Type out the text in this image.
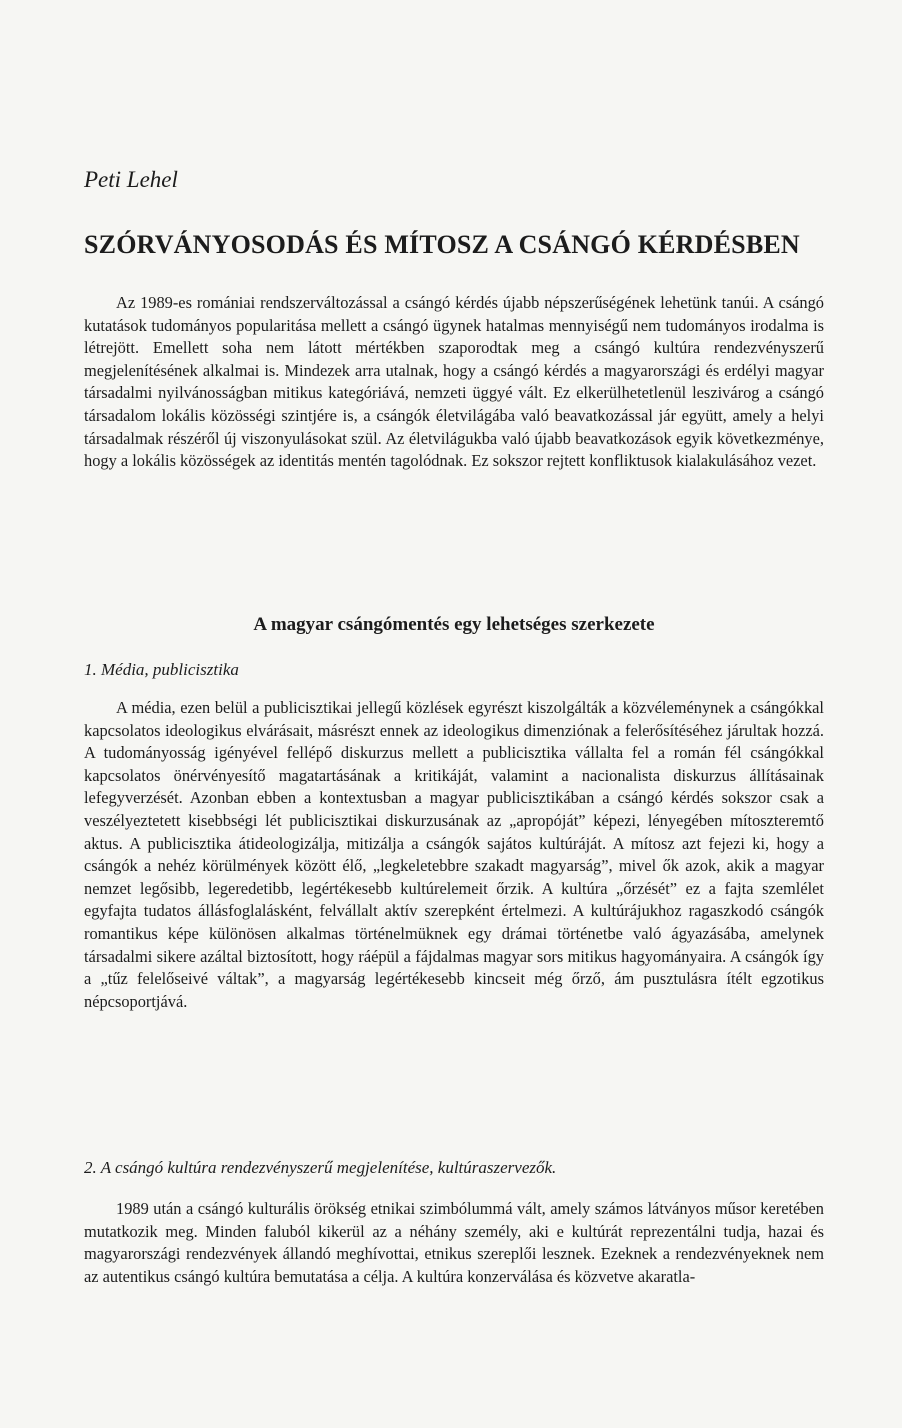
Peti Lehel
SZÓRVÁNYOSODÁS ÉS MÍTOSZ A CSÁNGÓ KÉRDÉSBEN

Az 1989-es romániai rendszerváltozással a csángó kérdés újabb népszerűségének lehetünk tanúi. A csángó kutatások tudományos popularitása mellett a csángó ügynek hatalmas mennyiségű nem tudományos irodalma is létrejött. Emellett soha nem látott mértékben szaporodtak meg a csángó kultúra rendezvényszerű megjelenítésének alkalmai is. Mindezek arra utalnak, hogy a csángó kérdés a magyarországi és erdélyi magyar társadalmi nyilvánosságban mitikus kategóriává, nemzeti üggyé vált. Ez elkerülhetetlenül leszivárog a csángó társadalom lokális közösségi szintjére is, a csángók életvilágába való beavatkozással jár együtt, amely a helyi társadalmak részéről új viszonyulásokat szül. Az életvilágukba való újabb beavatkozások egyik következménye, hogy a lokális közösségek az identitás mentén tagolódnak. Ez sokszor rejtett konfliktusok kialakulásához vezet.

A magyar csángómentés egy lehetséges szerkezete
1. Média, publicisztika

A média, ezen belül a publicisztikai jellegű közlések egyrészt kiszolgálták a közvéleménynek a csángókkal kapcsolatos ideologikus elvárásait, másrészt ennek az ideologikus dimenziónak a felerősítéséhez járultak hozzá. A tudományosság igényével fellépő diskurzus mellett a publicisztika vállalta fel a román fél csángókkal kapcsolatos önérvényesítő magatartásának a kritikáját, valamint a nacionalista diskurzus állításainak lefegyverzését. Azonban ebben a kontextusban a magyar publicisztikában a csángó kérdés sokszor csak a veszélyeztetett kisebbségi lét publicisztikai diskurzusának az „apropóját” képezi, lényegében mítoszteremtő aktus. A publicisztika átideologizálja, mitizálja a csángók sajátos kultúráját. A mítosz azt fejezi ki, hogy a csángók a nehéz körülmények között élő, „legkeletebbre szakadt magyarság”, mivel ők azok, akik a magyar nemzet legősibb, legeredetibb, legértékesebb kultúrelemeit őrzik. A kultúra „őrzését” ez a fajta szemlélet egyfajta tudatos állásfoglalásként, felvállalt aktív szerepként értelmezi. A kultúrájukhoz ragaszkodó csángók romantikus képe különösen alkalmas történelmüknek egy drámai történetbe való ágyazásába, amelynek társadalmi sikere azáltal biztosított, hogy ráépül a fájdalmas magyar sors mitikus hagyományaira. A csángók így a „tűz felelőseivé váltak”, a magyarság legértékesebb kincseit még őrző, ám pusztulásra ítélt egzotikus népcsoportjává.

2. A csángó kultúra rendezvényszerű megjelenítése, kultúraszervezők.

1989 után a csángó kulturális örökség etnikai szimbólummá vált, amely számos látványos műsor keretében mutatkozik meg. Minden faluból kikerül az a néhány személy, aki e kultúrát reprezentálni tudja, hazai és magyarországi rendezvények állandó meghívottai, etnikus szereplői lesznek. Ezeknek a rendezvényeknek nem az autentikus csángó kultúra bemutatása a célja. A kultúra konzerválása és közvetve akaratla-
